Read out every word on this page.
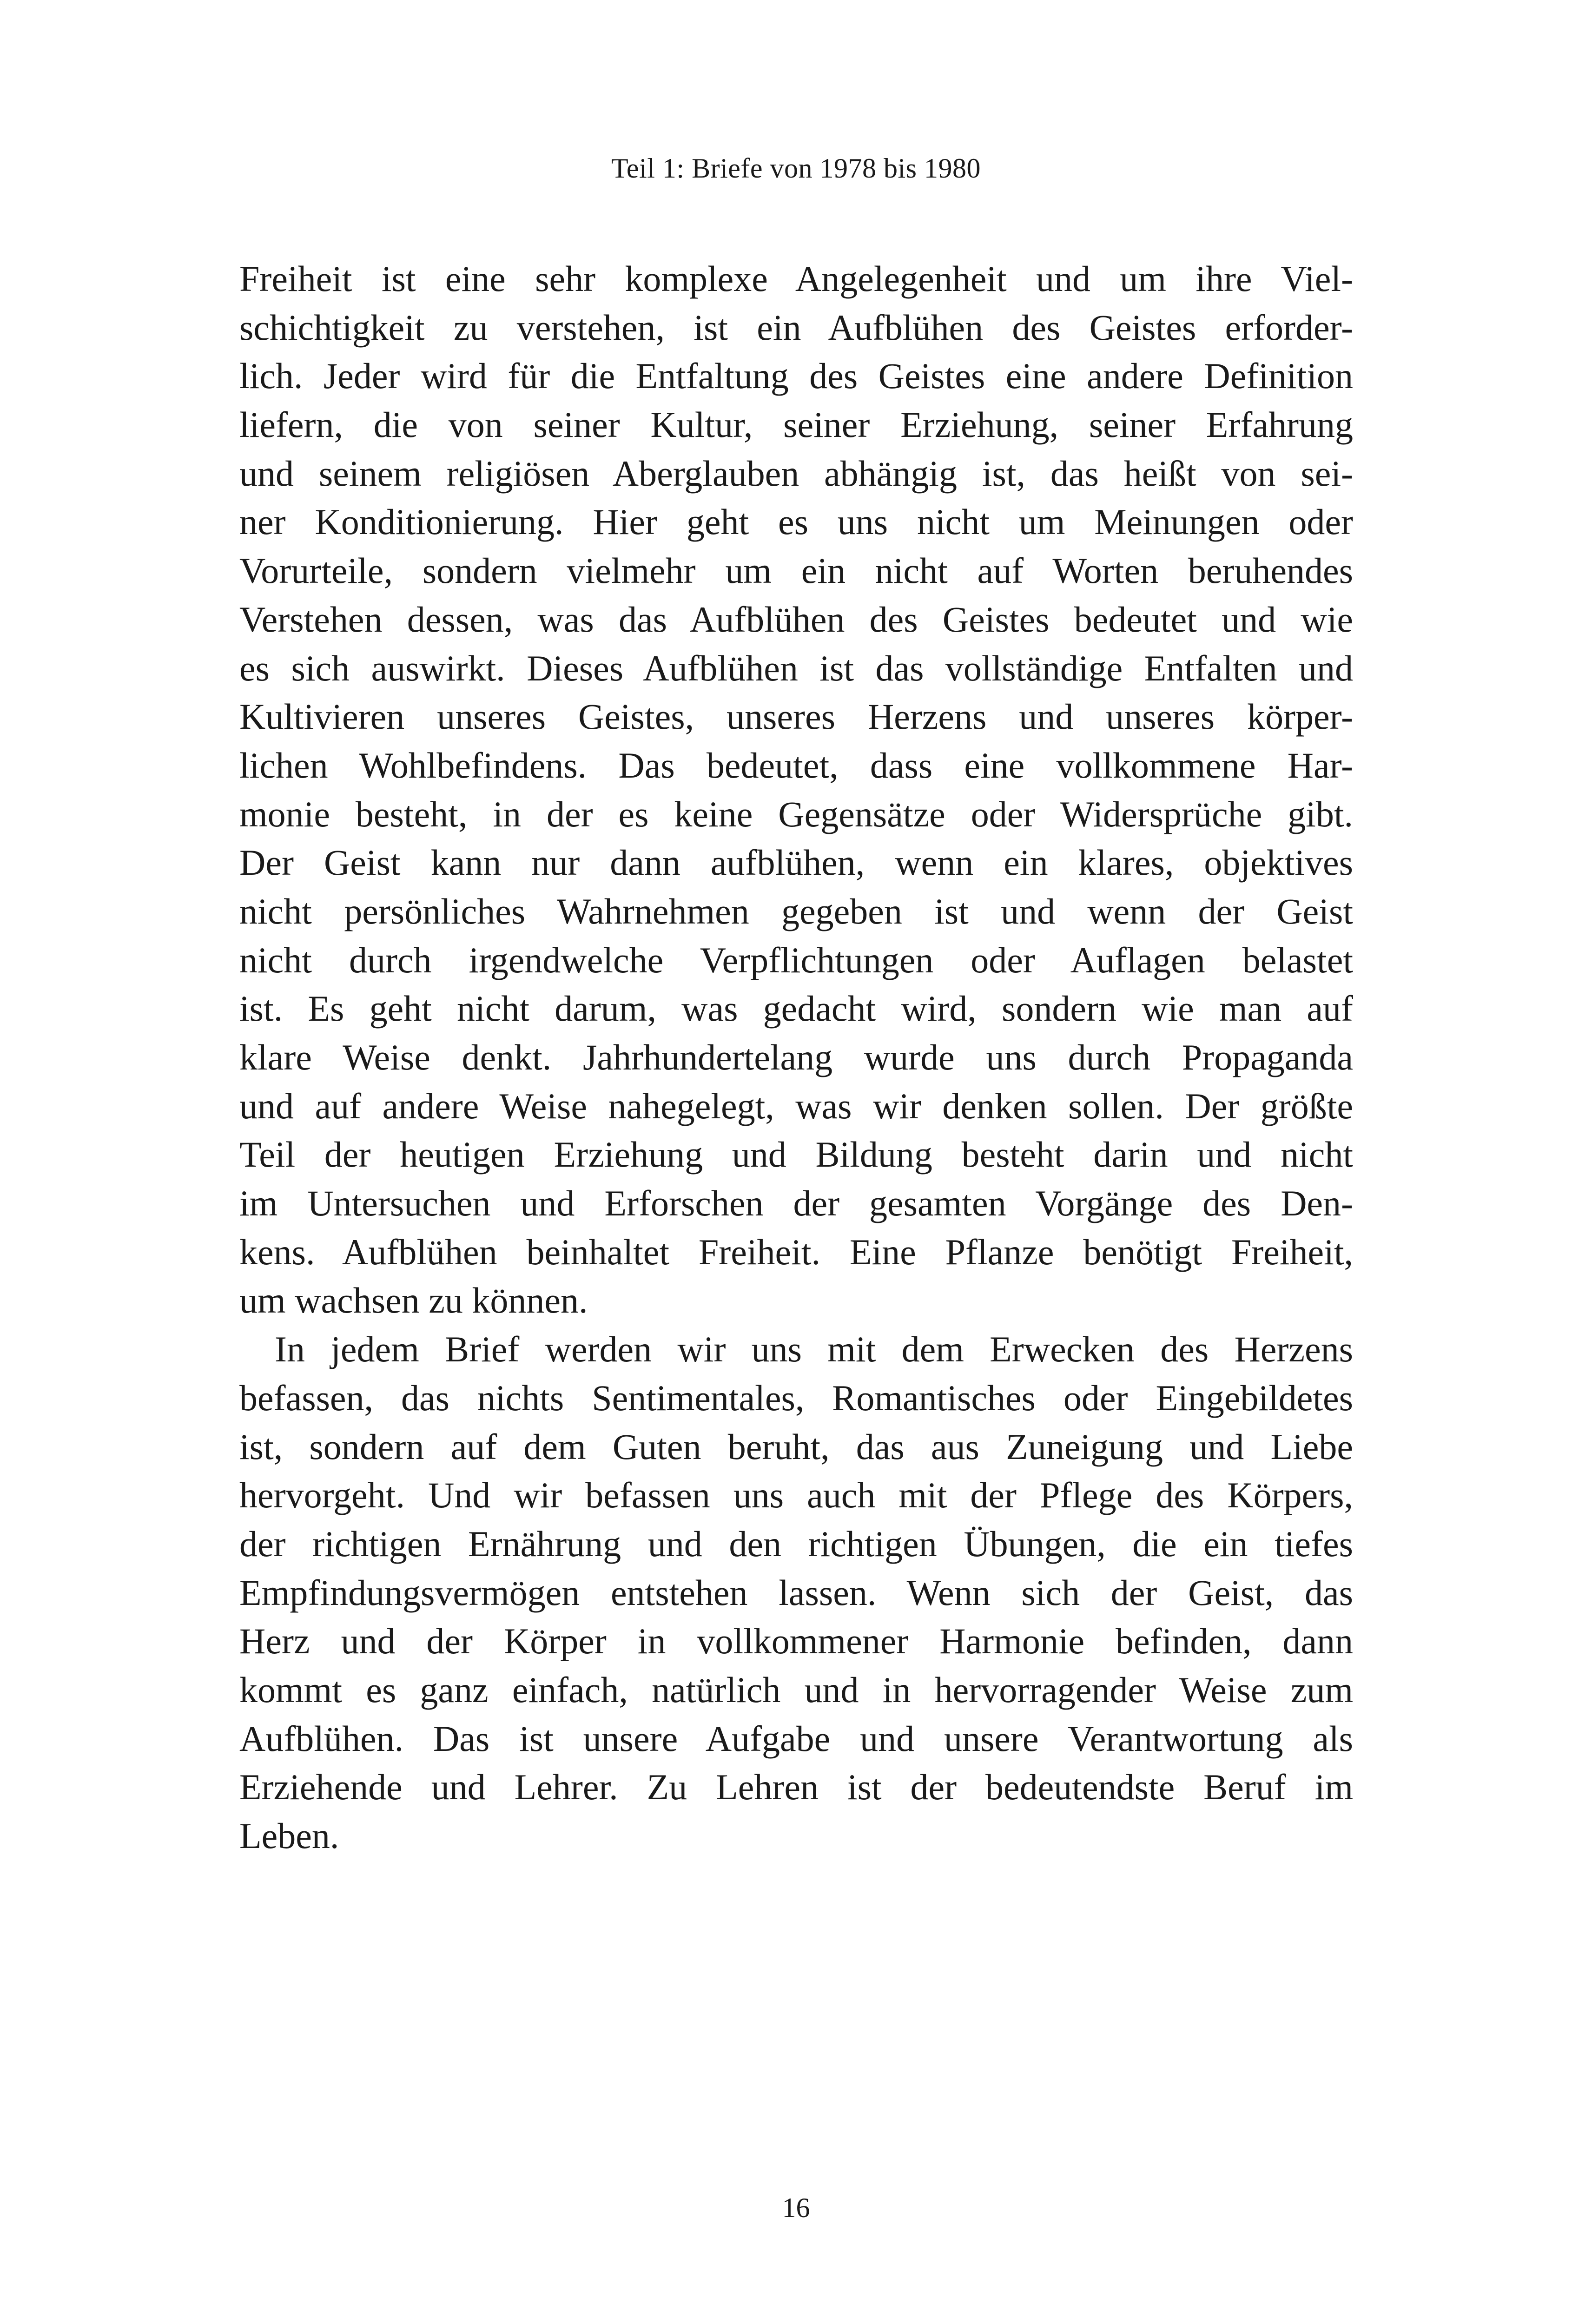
Teil 1: Briefe von 1978 bis 1980
Freiheit ist eine sehr komplexe Angelegenheit und um ihre Viel-
schichtigkeit zu verstehen, ist ein Aufblühen des Geistes erforder-
lich. Jeder wird für die Entfaltung des Geistes eine andere Definition
liefern, die von seiner Kultur, seiner Erziehung, seiner Erfahrung
und seinem religiösen Aberglauben abhängig ist, das heißt von sei-
ner Konditionierung. Hier geht es uns nicht um Meinungen oder
Vorurteile, sondern vielmehr um ein nicht auf Worten beruhendes
Verstehen dessen, was das Aufblühen des Geistes bedeutet und wie
es sich auswirkt. Dieses Aufblühen ist das vollständige Entfalten und
Kultivieren unseres Geistes, unseres Herzens und unseres körper-
lichen Wohlbefindens. Das bedeutet, dass eine vollkommene Har-
monie besteht, in der es keine Gegensätze oder Widersprüche gibt.
Der Geist kann nur dann aufblühen, wenn ein klares, objektives
nicht persönliches Wahrnehmen gegeben ist und wenn der Geist
nicht durch irgendwelche Verpflichtungen oder Auflagen belastet
ist. Es geht nicht darum, was gedacht wird, sondern wie man auf
klare Weise denkt. Jahrhundertelang wurde uns durch Propaganda
und auf andere Weise nahegelegt, was wir denken sollen. Der größte
Teil der heutigen Erziehung und Bildung besteht darin und nicht
im Untersuchen und Erforschen der gesamten Vorgänge des Den-
kens. Aufblühen beinhaltet Freiheit. Eine Pflanze benötigt Freiheit,
um wachsen zu können.
In jedem Brief werden wir uns mit dem Erwecken des Herzens
befassen, das nichts Sentimentales, Romantisches oder Eingebildetes
ist, sondern auf dem Guten beruht, das aus Zuneigung und Liebe
hervorgeht. Und wir befassen uns auch mit der Pflege des Körpers,
der richtigen Ernährung und den richtigen Übungen, die ein tiefes
Empfindungsvermögen entstehen lassen. Wenn sich der Geist, das
Herz und der Körper in vollkommener Harmonie befinden, dann
kommt es ganz einfach, natürlich und in hervorragender Weise zum
Aufblühen. Das ist unsere Aufgabe und unsere Verantwortung als
Erziehende und Lehrer. Zu Lehren ist der bedeutendste Beruf im
Leben.
16
